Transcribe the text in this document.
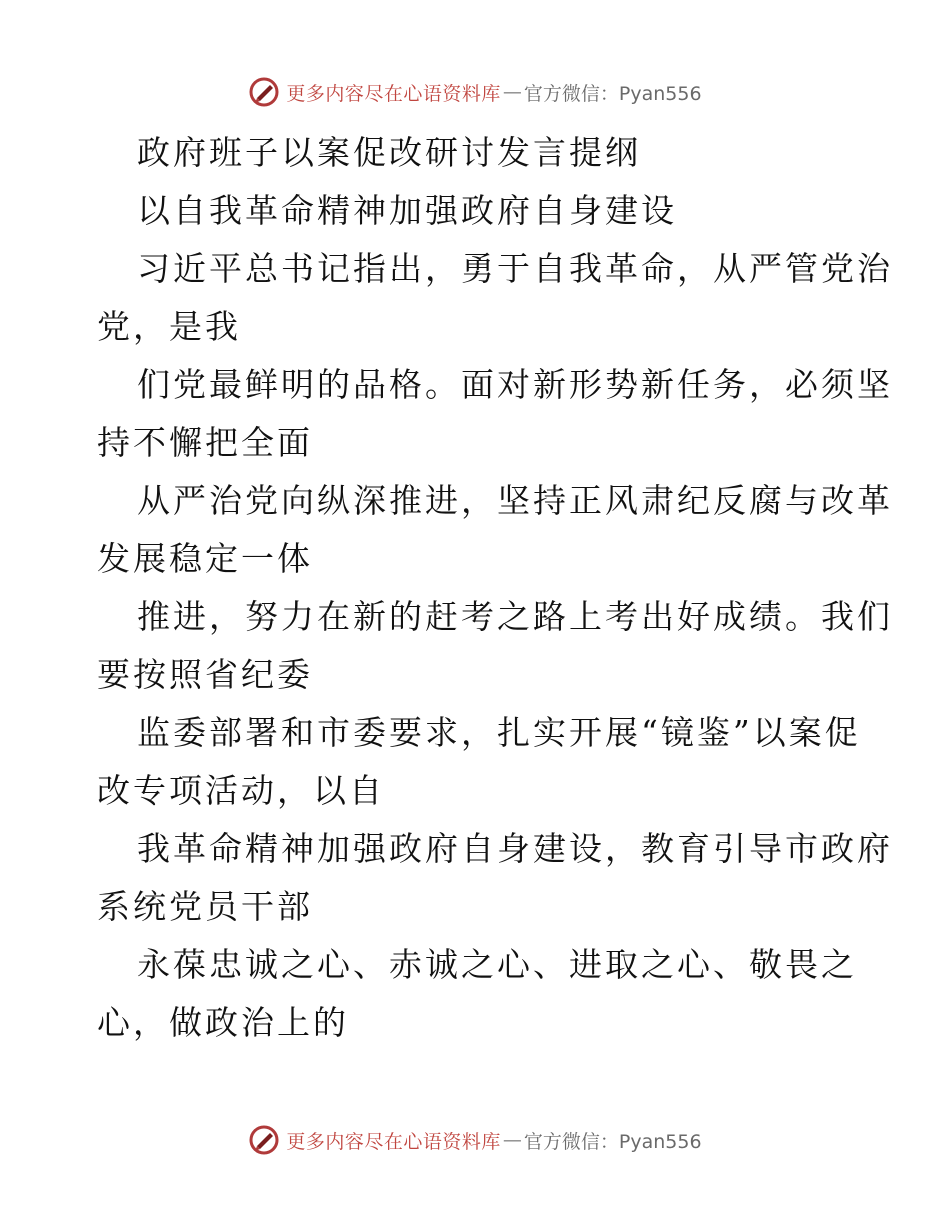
更多内容尽在心语资料库 — 官方微信：Pyan556
政府班子以案促改研讨发言提纲
以自我革命精神加强政府自身建设
习近平总书记指出，勇于自我革命，从严管党治
党，是我
们党最鲜明的品格。面对新形势新任务，必须坚
持不懈把全面
从严治党向纵深推进，坚持正风肃纪反腐与改革
发展稳定一体
推进，努力在新的赶考之路上考出好成绩。我们
要按照省纪委
监委部署和市委要求，扎实开展“镜鉴”以案促
改专项活动，以自
我革命精神加强政府自身建设，教育引导市政府
系统党员干部
永葆忠诚之心、赤诚之心、进取之心、敬畏之
心，做政治上的
更多内容尽在心语资料库 — 官方微信：Pyan556
